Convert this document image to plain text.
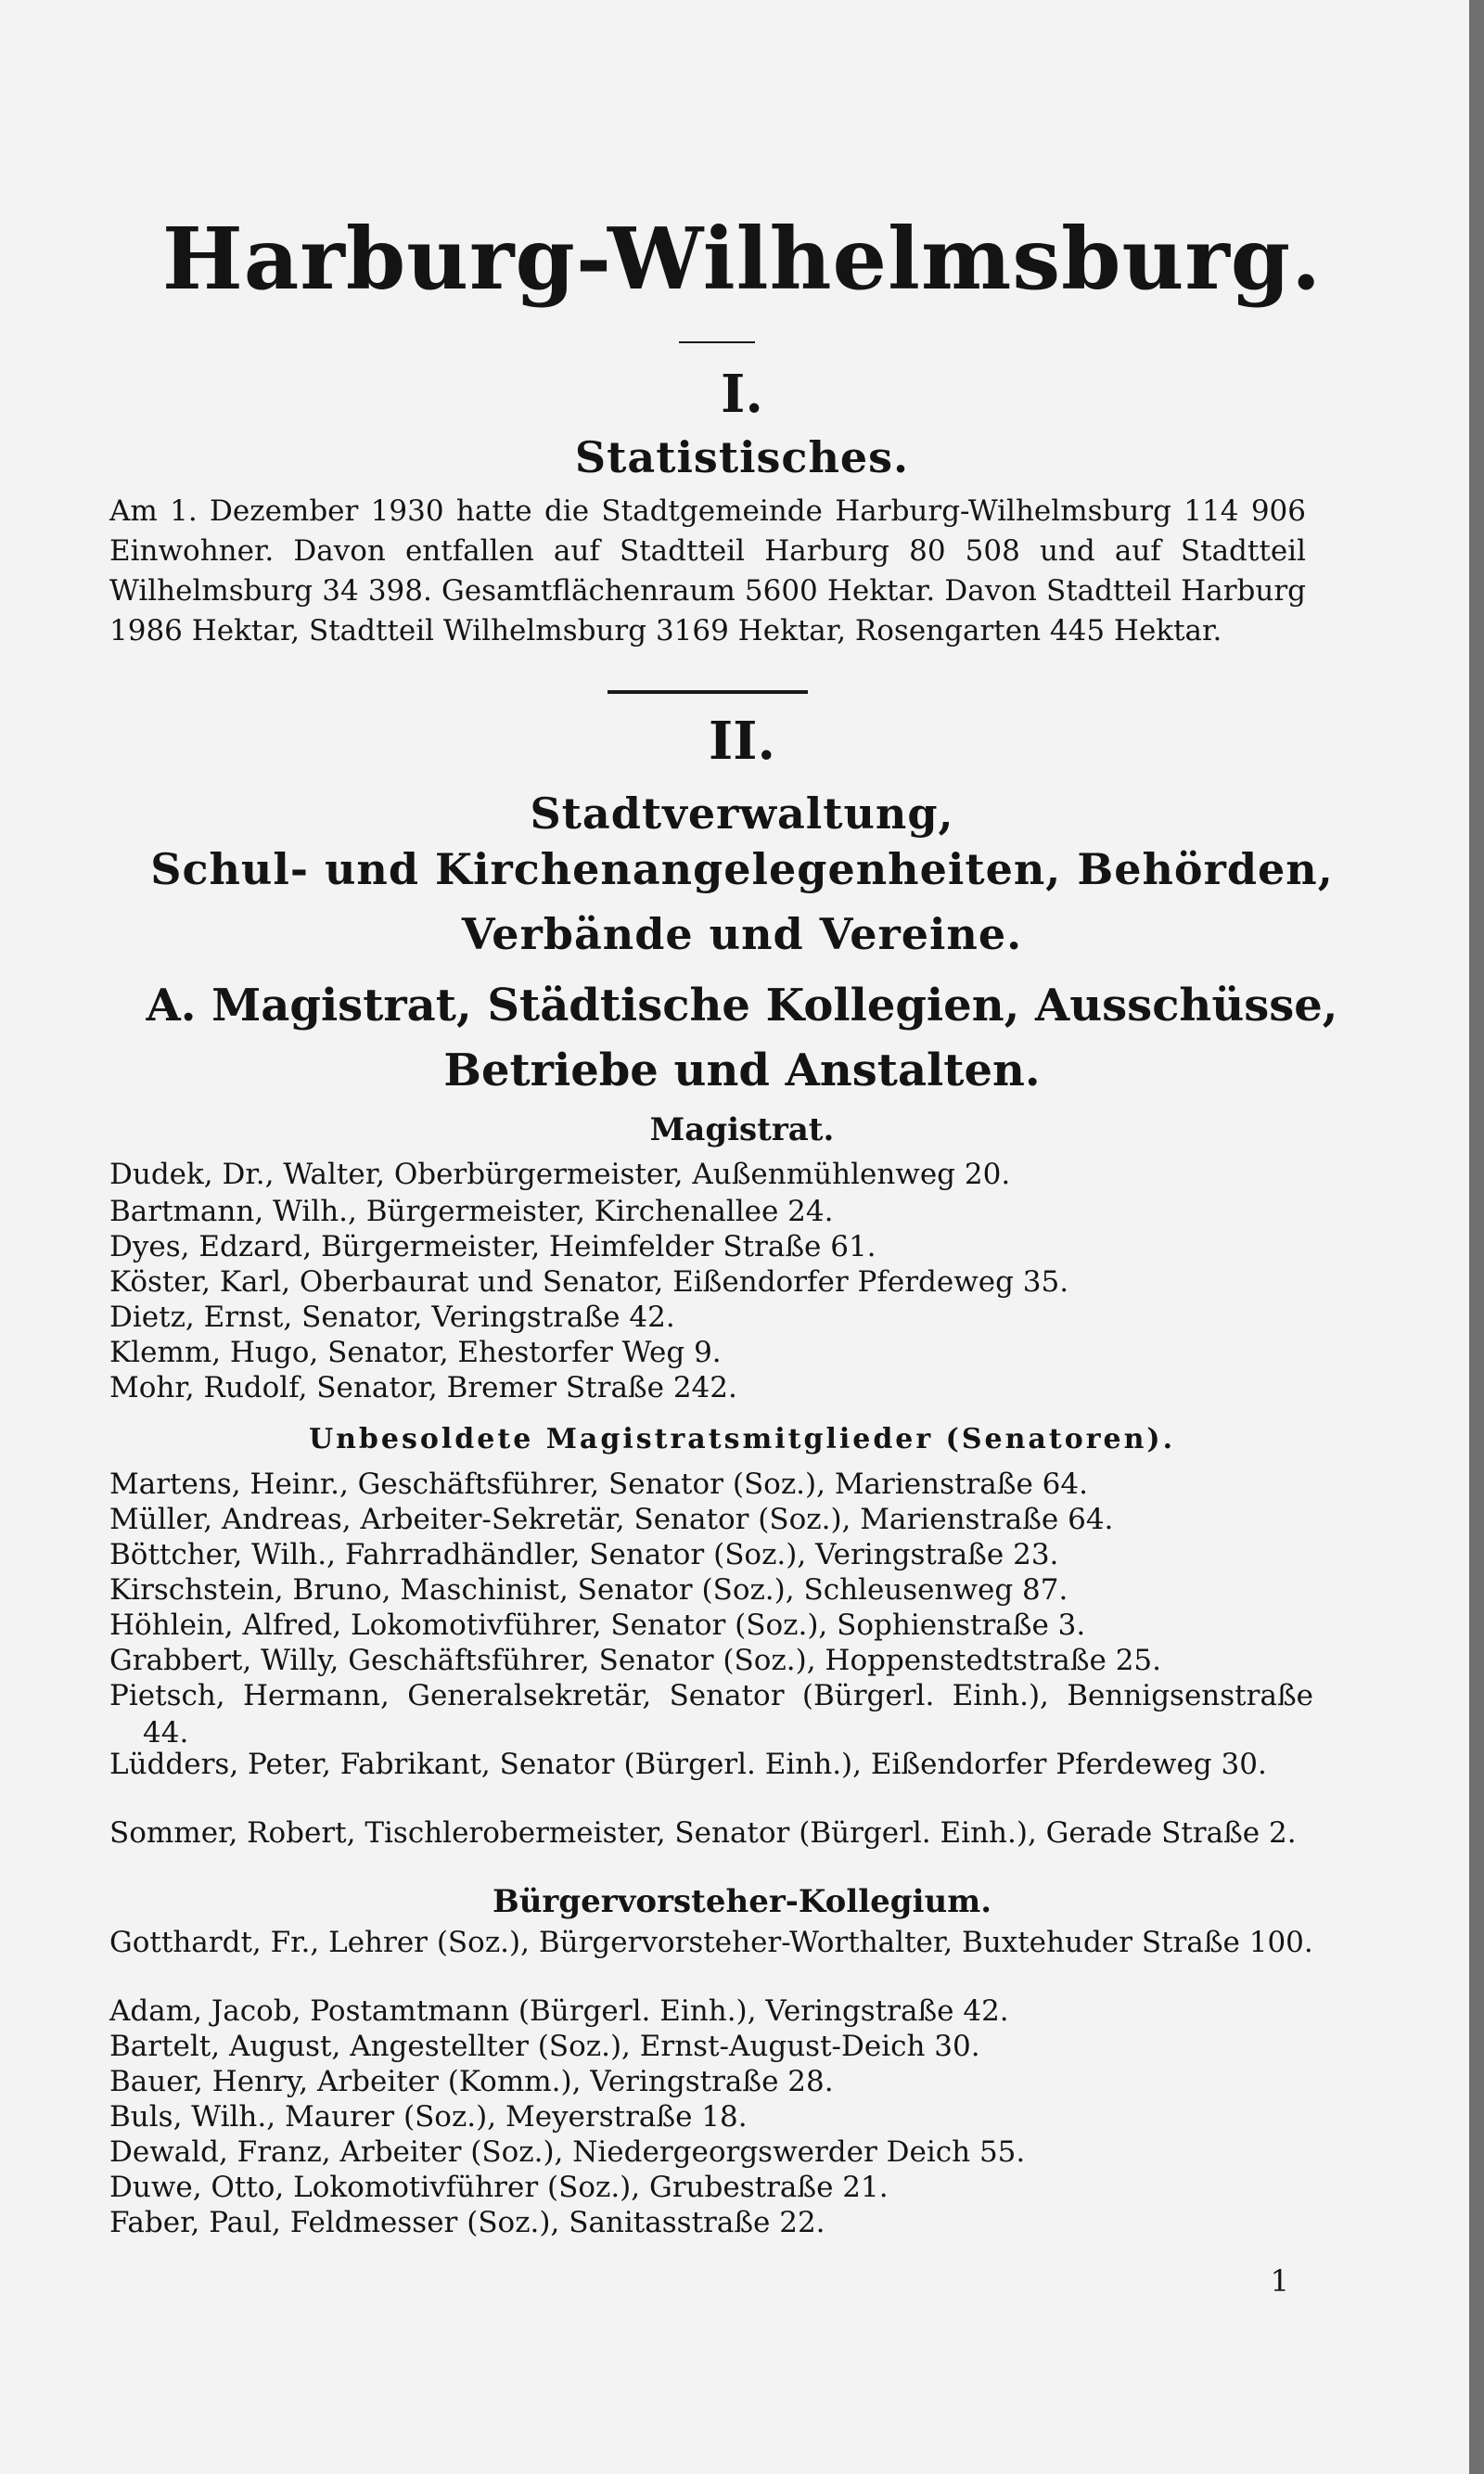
Harburg-Wilhelmsburg.
I.
Statistisches.
Am 1. Dezember 1930 hatte die Stadtgemeinde Harburg-Wilhelmsburg 114 906 Einwohner. Davon entfallen auf Stadtteil Harburg 80 508 und auf Stadtteil Wilhelmsburg 34 398. Gesamtflächenraum 5600 Hektar. Davon Stadtteil Harburg 1986 Hektar, Stadtteil Wilhelmsburg 3169 Hektar, Rosengarten 445 Hektar.
II.
Stadtverwaltung,
Schul- und Kirchenangelegenheiten, Behörden,
Verbände und Vereine.
A. Magistrat, Städtische Kollegien, Ausschüsse,
Betriebe und Anstalten.
Magistrat.
Dudek, Dr., Walter, Oberbürgermeister, Außenmühlenweg 20.
Bartmann, Wilh., Bürgermeister, Kirchenallee 24.
Dyes, Edzard, Bürgermeister, Heimfelder Straße 61.
Köster, Karl, Oberbaurat und Senator, Eißendorfer Pferdeweg 35.
Dietz, Ernst, Senator, Veringstraße 42.
Klemm, Hugo, Senator, Ehestorfer Weg 9.
Mohr, Rudolf, Senator, Bremer Straße 242.
Unbesoldete Magistratsmitglieder (Senatoren).
Martens, Heinr., Geschäftsführer, Senator (Soz.), Marienstraße 64.
Müller, Andreas, Arbeiter-Sekretär, Senator (Soz.), Marienstraße 64.
Böttcher, Wilh., Fahrradhändler, Senator (Soz.), Veringstraße 23.
Kirschstein, Bruno, Maschinist, Senator (Soz.), Schleusenweg 87.
Höhlein, Alfred, Lokomotivführer, Senator (Soz.), Sophienstraße 3.
Grabbert, Willy, Geschäftsführer, Senator (Soz.), Hoppenstedtstraße 25.
Pietsch, Hermann, Generalsekretär, Senator (Bürgerl. Einh.), Bennigsenstraße 44.
Lüdders, Peter, Fabrikant, Senator (Bürgerl. Einh.), Eißendorfer Pferdeweg 30.
Sommer, Robert, Tischlerobermeister, Senator (Bürgerl. Einh.), Gerade Straße 2.
Bürgervorsteher-Kollegium.
Gotthardt, Fr., Lehrer (Soz.), Bürgervorsteher-Worthalter, Buxtehuder Straße 100.
Adam, Jacob, Postamtmann (Bürgerl. Einh.), Veringstraße 42.
Bartelt, August, Angestellter (Soz.), Ernst-August-Deich 30.
Bauer, Henry, Arbeiter (Komm.), Veringstraße 28.
Buls, Wilh., Maurer (Soz.), Meyerstraße 18.
Dewald, Franz, Arbeiter (Soz.), Niedergeorgswerder Deich 55.
Duwe, Otto, Lokomotivführer (Soz.), Grubestraße 21.
Faber, Paul, Feldmesser (Soz.), Sanitasstraße 22.
1
